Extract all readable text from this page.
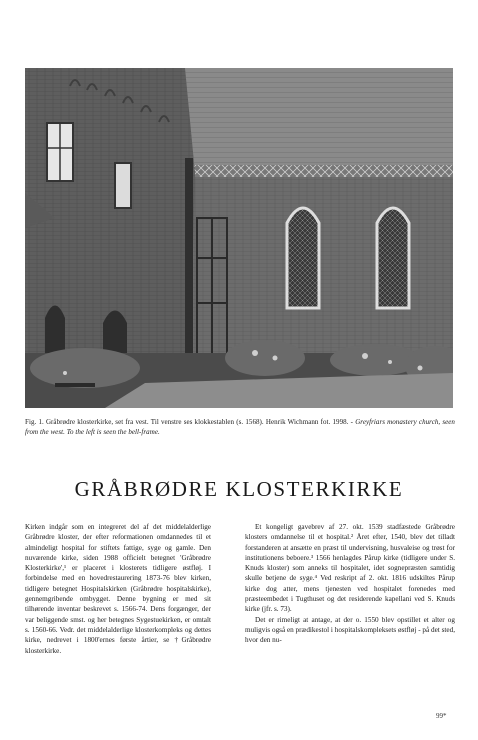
Fig. 1. Gråbrødre klosterkirke, set fra vest. Til venstre ses klokkestablen (s. 1568). Henrik Wichmann fot. 1998. - Greyfriars monastery church, seen from the west. To the left is seen the bell-frame.
GRÅBRØDRE KLOSTERKIRKE

Kirken indgår som en integreret del af det middelalderlige Gråbrødre kloster, der efter reformationen omdannedes til et almindeligt hospital for stiftets fattige, syge og gamle. Den nuværende kirke, siden 1988 officielt betegnet 'Gråbrødre Klosterkirke',¹ er placeret i klosterets tidligere østfløj. I forbindelse med en hovedrestaurering 1873-76 blev kirken, tidligere betegnet Hospitalskirken (Gråbrødre hospitalskirke), gennemgribende ombygget. Denne bygning er med sit tilhørende inventar beskrevet s. 1566-74. Dens forgænger, der var beliggende smst. og her betegnes Sygestuekirken, er omtalt s. 1560-66. Vedr. det middelalderlige klosterkompleks og dettes kirke, nedrevet i 1800'ernes første årtier, se †Gråbrødre klosterkirke.

Et kongeligt gavebrev af 27. okt. 1539 stadfæstede Gråbrødre klosters omdannelse til et hospital.² Året efter, 1540, blev det tilladt forstanderen at ansætte en præst til undervisning, husvaleise og trøst for institutionens beboere.³ 1566 henlagdes Pårup kirke (tidligere under S. Knuds kloster) som anneks til hospitalet, idet sognepræsten samtidig skulle betjene de syge.⁴ Ved reskript af 2. okt. 1816 udskiltes Pårup kirke dog atter, mens tjenesten ved hospitalet forenedes med præsteembedet i Tugthuset og det residerende kapellani ved S. Knuds kirke (jfr. s. 73).

Det er rimeligt at antage, at der o. 1550 blev opstillet et alter og muligvis også en prædikestol i hospitalskompleksets østfløj - på det sted, hvor den nu-

99*
